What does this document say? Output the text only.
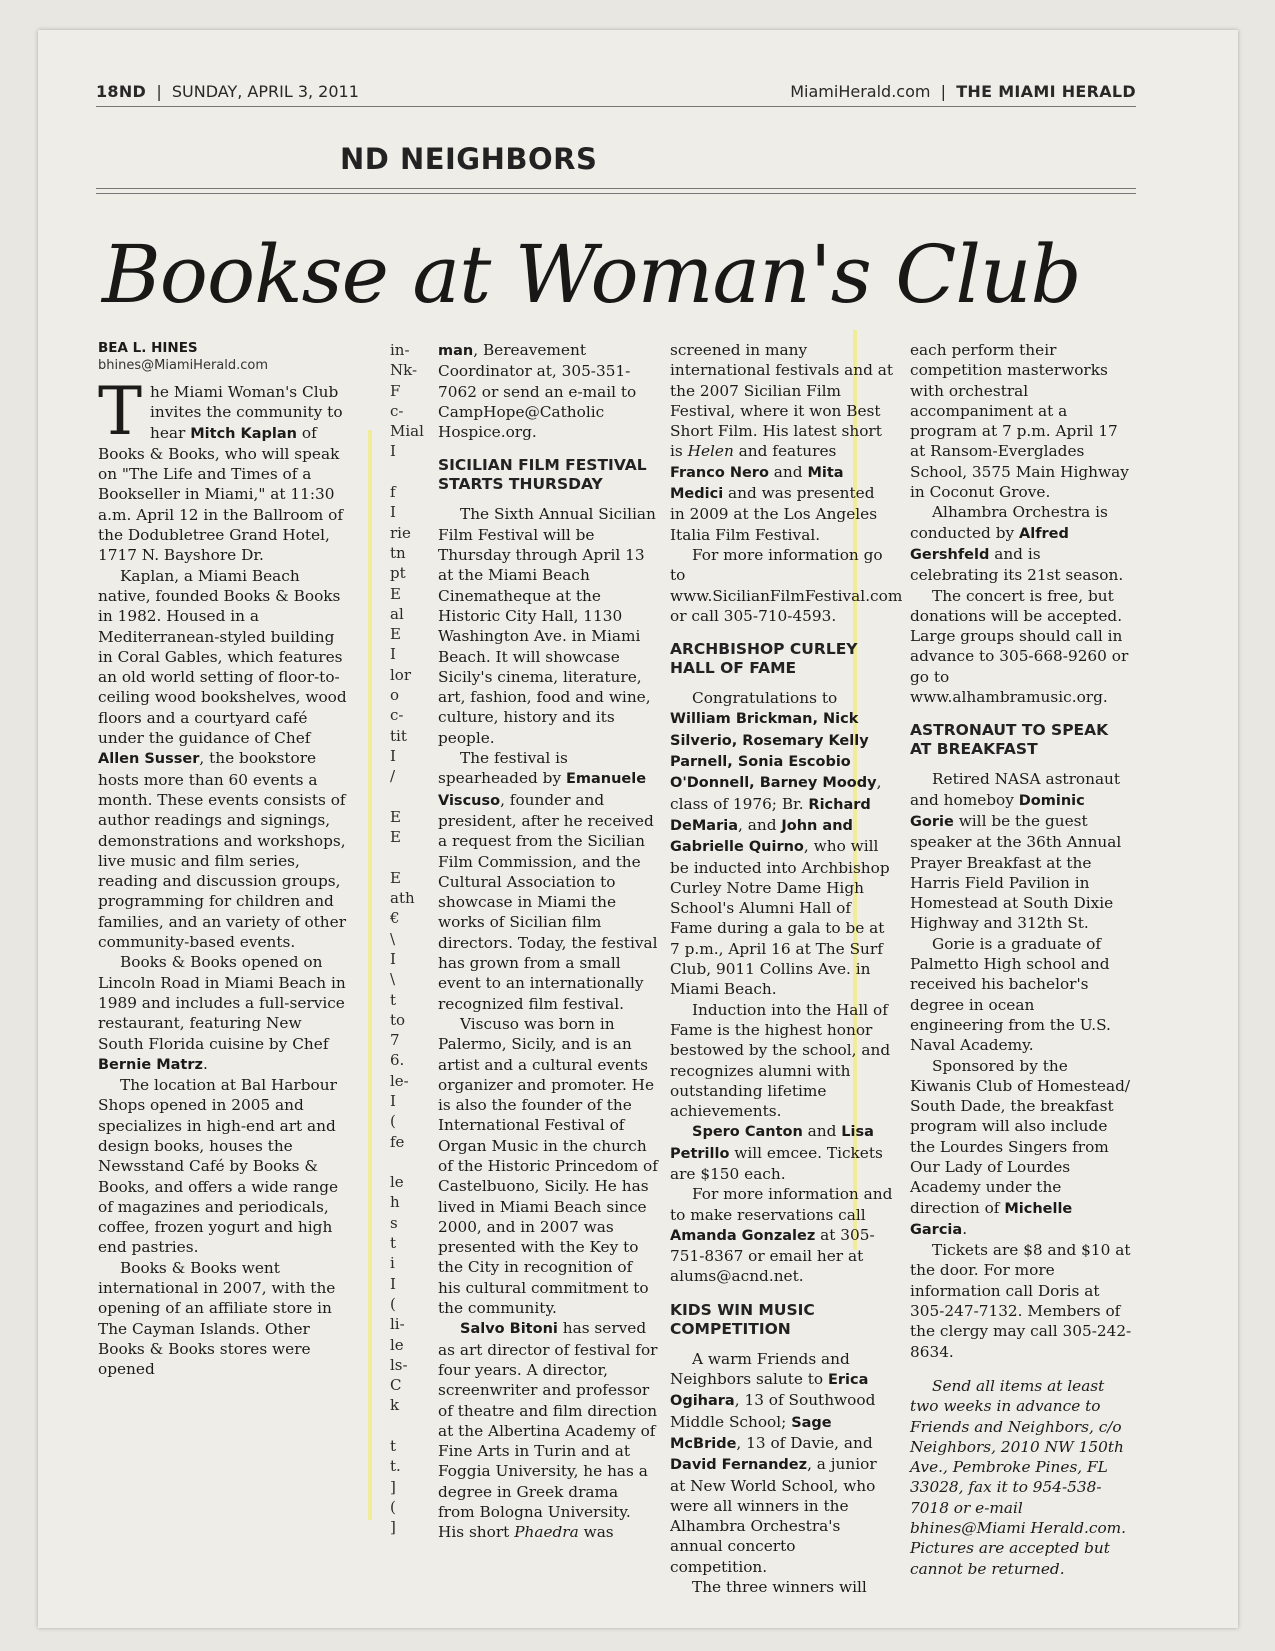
18ND | SUNDAY, APRIL 3, 2011	MiamiHerald.com | THE MIAMI HERALD
ND NEIGHBORS
Bookse at Woman's Club
BEA L. HINES
bhines@MiamiHerald.com

The Miami Woman's Club invites the community to hear Mitch Kaplan of Books & Books, who will speak on "The Life and Times of a Bookseller in Miami," at 11:30 a.m. April 12 in the Ballroom of the Dodubletree Grand Hotel, 1717 N. Bayshore Dr.

Kaplan, a Miami Beach native, founded Books & Books in 1982. Housed in a Mediterranean-styled building in Coral Gables, which features an old world setting of floor-to-ceiling wood bookshelves, wood floors and a courtyard café under the guidance of Chef Allen Susser, the bookstore hosts more than 60 events a month. These events consists of author readings and signings, demonstrations and workshops, live music and film series, reading and discussion groups, programming for children and families, and an variety of other community-based events.

Books & Books opened on Lincoln Road in Miami Beach in 1989 and includes a full-service restaurant, featuring New South Florida cuisine by Chef Bernie Matrz.

The location at Bal Harbour Shops opened in 2005 and specializes in high-end art and design books, houses the Newsstand Café by Books & Books, and offers a wide range of magazines and periodicals, coffee, frozen yogurt and high end pastries.

Books & Books went international in 2007, with the opening of an affiliate store in The Cayman Islands. Other Books & Books stores were opened

in-
Nk-
F
c-
Mial
I
f
I
rie
tn
pt
E
al
E
I
lor
o
c-
tit
I
/
E
E
E
ath
€
\
I
\
t
to
7
6.
le-
I
(
fe
le
h
s
t
i
I
(
li-
le
ls-
C
k
t
t.
]
(
]

man, Bereavement Coordinator at, 305-351-7062 or send an e-mail to CampHope@Catholic Hospice.org.

SICILIAN FILM FESTIVAL STARTS THURSDAY

The Sixth Annual Sicilian Film Festival will be Thursday through April 13 at the Miami Beach Cinematheque at the Historic City Hall, 1130 Washington Ave. in Miami Beach. It will showcase Sicily's cinema, literature, art, fashion, food and wine, culture, history and its people.

The festival is spearheaded by Emanuele Viscuso, founder and president, after he received a request from the Sicilian Film Commission, and the Cultural Association to showcase in Miami the works of Sicilian film directors. Today, the festival has grown from a small event to an internationally recognized film festival.

Viscuso was born in Palermo, Sicily, and is an artist and a cultural events organizer and promoter. He is also the founder of the International Festival of Organ Music in the church of the Historic Princedom of Castelbuono, Sicily. He has lived in Miami Beach since 2000, and in 2007 was presented with the Key to the City in recognition of his cultural commitment to the community.

Salvo Bitoni has served as art director of festival for four years. A director, screenwriter and professor of theatre and film direction at the Albertina Academy of Fine Arts in Turin and at Foggia University, he has a degree in Greek drama from Bologna University. His short Phaedra was

screened in many international festivals and at the 2007 Sicilian Film Festival, where it won Best Short Film. His latest short is Helen and features Franco Nero and Mita Medici and was presented in 2009 at the Los Angeles Italia Film Festival.

For more information go to www.SicilianFilmFestival.com or call 305-710-4593.

ARCHBISHOP CURLEY HALL OF FAME

Congratulations to William Brickman, Nick Silverio, Rosemary Kelly Parnell, Sonia Escobio O'Donnell, Barney Moody, class of 1976; Br. Richard DeMaria, and John and Gabrielle Quirno, who will be inducted into Archbishop Curley Notre Dame High School's Alumni Hall of Fame during a gala to be at 7 p.m., April 16 at The Surf Club, 9011 Collins Ave. in Miami Beach.

Induction into the Hall of Fame is the highest honor bestowed by the school, and recognizes alumni with outstanding lifetime achievements.

Spero Canton and Lisa Petrillo will emcee. Tickets are $150 each.

For more information and to make reservations call Amanda Gonzalez at 305-751-8367 or email her at alums@acnd.net.

KIDS WIN MUSIC COMPETITION

A warm Friends and Neighbors salute to Erica Ogihara, 13 of Southwood Middle School; Sage McBride, 13 of Davie, and David Fernandez, a junior at New World School, who were all winners in the Alhambra Orchestra's annual concerto competition.

The three winners will

each perform their competition masterworks with orchestral accompaniment at a program at 7 p.m. April 17 at Ransom-Everglades School, 3575 Main Highway in Coconut Grove.

Alhambra Orchestra is conducted by Alfred Gershfeld and is celebrating its 21st season.

The concert is free, but donations will be accepted. Large groups should call in advance to 305-668-9260 or go to www.alhambramusic.org.

ASTRONAUT TO SPEAK AT BREAKFAST

Retired NASA astronaut and homeboy Dominic Gorie will be the guest speaker at the 36th Annual Prayer Breakfast at the Harris Field Pavilion in Homestead at South Dixie Highway and 312th St.

Gorie is a graduate of Palmetto High school and received his bachelor's degree in ocean engineering from the U.S. Naval Academy.

Sponsored by the Kiwanis Club of Homestead/ South Dade, the breakfast program will also include the Lourdes Singers from Our Lady of Lourdes Academy under the direction of Michelle Garcia.

Tickets are $8 and $10 at the door. For more information call Doris at 305-247-7132. Members of the clergy may call 305-242-8634.

Send all items at least two weeks in advance to Friends and Neighbors, c/o Neighbors, 2010 NW 150th Ave., Pembroke Pines, FL 33028, fax it to 954-538-7018 or e-mail bhines@Miami Herald.com. Pictures are accepted but cannot be returned.
